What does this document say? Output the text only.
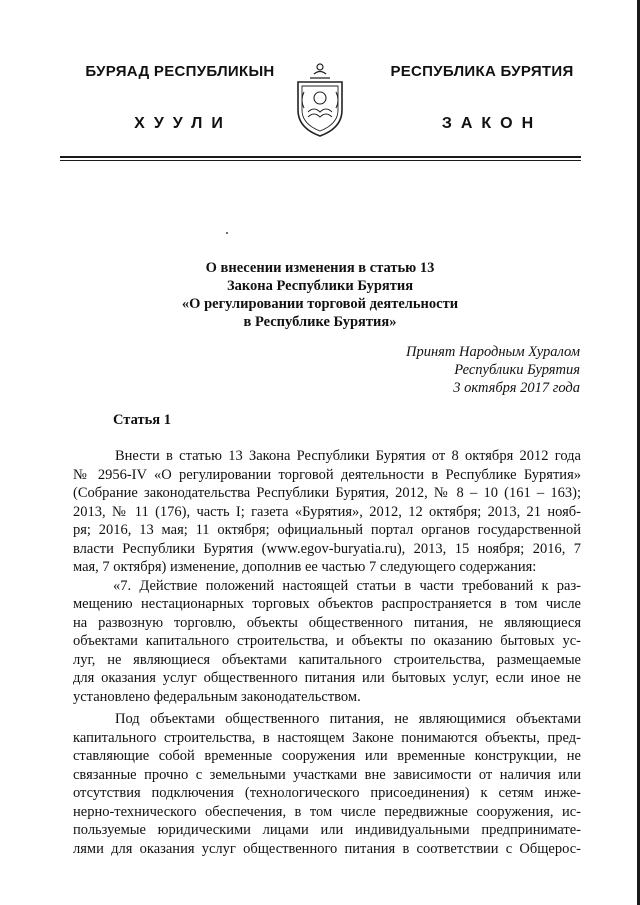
БУРЯАД РЕСПУБЛИКЫН
ХУУЛИ
РЕСПУБЛИКА БУРЯТИЯ
ЗАКОН
О внесении изменения в статью 13
Закона Республики Бурятия
«О регулировании торговой деятельности
в Республике Бурятия»
Принят Народным Хуралом
Республики Бурятия
3 октября 2017 года
Статья 1
Внести в статью 13 Закона Республики Бурятия от 8 октября 2012 года
№ 2956-IV «О регулировании торговой деятельности в Республике Бурятия»
(Собрание законодательства Республики Бурятия, 2012, № 8 – 10 (161 – 163);
2013, № 11 (176), часть I; газета «Бурятия», 2012, 12 октября; 2013, 21 нояб-
ря; 2016, 13 мая; 11 октября; официальный портал органов государственной
власти Республики Бурятия (www.egov-buryatia.ru), 2013, 15 ноября; 2016, 7
мая, 7 октября) изменение, дополнив ее частью 7 следующего содержания:
«7. Действие положений настоящей статьи в части требований к раз-
мещению нестационарных торговых объектов распространяется в том числе
на развозную торговлю, объекты общественного питания, не являющиеся
объектами капитального строительства, и объекты по оказанию бытовых ус-
луг, не являющиеся объектами капитального строительства, размещаемые
для оказания услуг общественного питания или бытовых услуг, если иное не
установлено федеральным законодательством.
Под объектами общественного питания, не являющимися объектами
капитального строительства, в настоящем Законе понимаются объекты, пред-
ставляющие собой временные сооружения или временные конструкции, не
связанные прочно с земельными участками вне зависимости от наличия или
отсутствия подключения (технологического присоединения) к сетям инже-
нерно-технического обеспечения, в том числе передвижные сооружения, ис-
пользуемые юридическими лицами или индивидуальными предпринимате-
лями для оказания услуг общественного питания в соответствии с Общерос-
